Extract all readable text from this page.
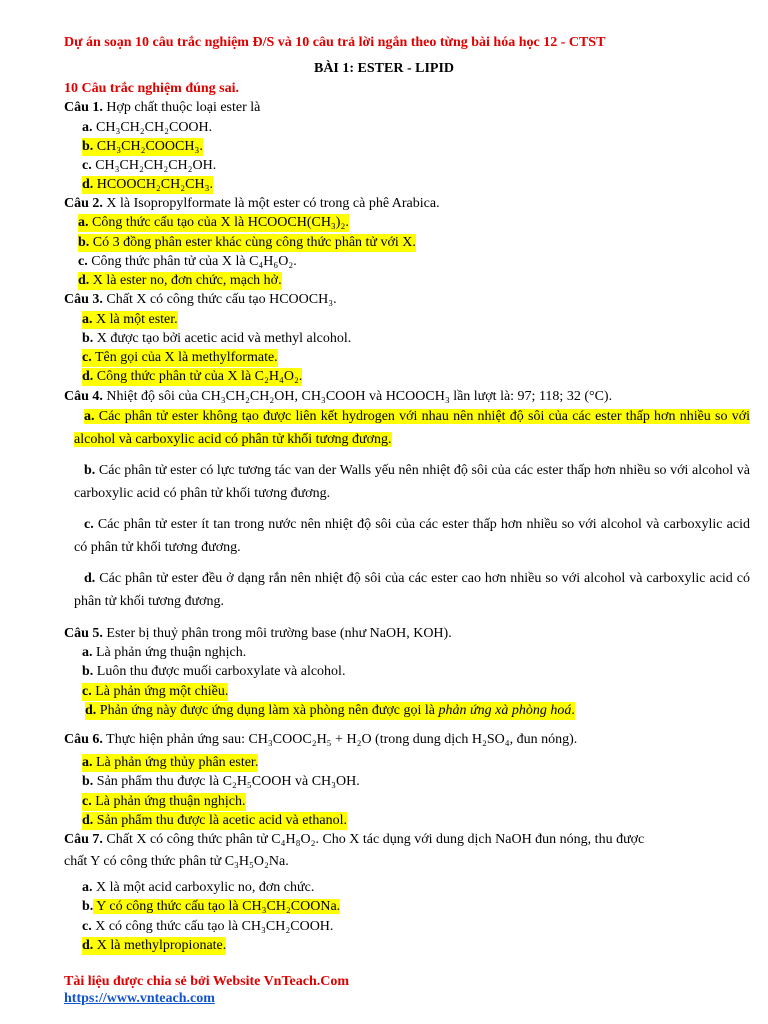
Dự án soạn 10 câu trắc nghiệm Đ/S và 10 câu trả lời ngắn theo từng bài hóa học 12 - CTST
BÀI 1: ESTER - LIPID
10 Câu trắc nghiệm đúng sai.
Câu 1. Hợp chất thuộc loại ester là
a. CH₃CH₂CH₂COOH.
b. CH₃CH₂COOCH₃.
c. CH₃CH₂CH₂CH₂OH.
d. HCOOCH₂CH₂CH₃.
Câu 2. X là Isopropylformate là một ester có trong cà phê Arabica.
a. Công thức cấu tạo của X là HCOOCH(CH₃)₂.
b. Có 3 đồng phân ester khác cùng công thức phân tử với X.
c. Công thức phân tử của X là C₄H₆O₂.
d. X là ester no, đơn chức, mạch hở.
Câu 3. Chất X có công thức cấu tạo HCOOCH₃.
a. X là một ester.
b. X được tạo bởi acetic acid và methyl alcohol.
c. Tên gọi của X là methylformate.
d. Công thức phân tử của X là C₂H₄O₂.
Câu 4. Nhiệt độ sôi của CH₃CH₂CH₂OH, CH₃COOH và HCOOCH₃ lần lượt là: 97; 118; 32 (°C).
a. Các phân tử ester không tạo được liên kết hydrogen với nhau nên nhiệt độ sôi của các ester thấp hơn nhiều so với alcohol và carboxylic acid có phân tử khối tương đương.
b. Các phân tử ester có lực tương tác van der Walls yếu nên nhiệt độ sôi của các ester thấp hơn nhiều so với alcohol và carboxylic acid có phân tử khối tương đương.
c. Các phân tử ester ít tan trong nước nên nhiệt độ sôi của các ester thấp hơn nhiều so với alcohol và carboxylic acid có phân tử khối tương đương.
d. Các phân tử ester đều ở dạng rắn nên nhiệt độ sôi của các ester cao hơn nhiều so với alcohol và carboxylic acid có phân tử khối tương đương.
Câu 5. Ester bị thuỷ phân trong môi trường base (như NaOH, KOH).
a. Là phản ứng thuận nghịch.
b. Luôn thu được muối carboxylate và alcohol.
c. Là phản ứng một chiều.
d. Phản ứng này được ứng dụng làm xà phòng nên được gọi là phản ứng xà phòng hoá.
Câu 6. Thực hiện phản ứng sau: CH₃COOC₂H₅ + H₂O (trong dung dịch H₂SO₄, đun nóng).
a. Là phản ứng thủy phân ester.
b. Sản phẩm thu được là C₂H₅COOH và CH₃OH.
c. Là phản ứng thuận nghịch.
d. Sản phẩm thu được là acetic acid và ethanol.
Câu 7. Chất X có công thức phân tử C₄H₈O₂. Cho X tác dụng với dung dịch NaOH đun nóng, thu được
chất Y có công thức phân tử C₃H₅O₂Na.
a. X là một acid carboxylic no, đơn chức.
b. Y có công thức cấu tạo là CH₃CH₂COONa.
c. X có công thức cấu tạo là CH₃CH₂COOH.
d. X là methylpropionate.
Tài liệu được chia sẻ bởi Website VnTeach.Com
https://www.vnteach.com
